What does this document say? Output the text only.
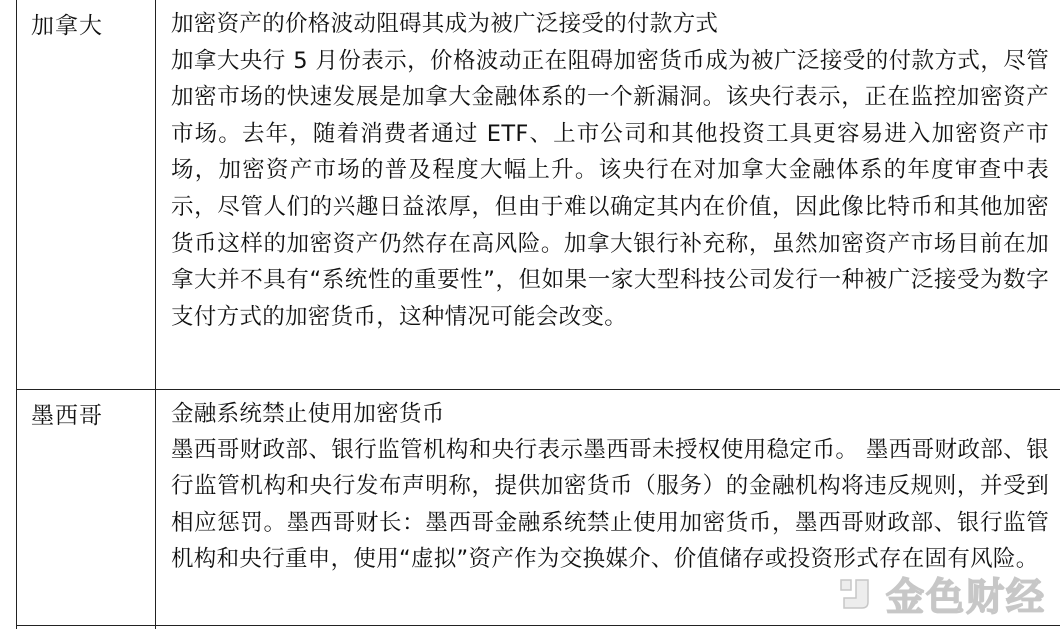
加拿大	加密资产的价格波动阻碍其成为被广泛接受的付款方式

加拿大央行 5 月份表示，价格波动正在阻碍加密货币成为被广泛接受的付款方式，尽管加密市场的快速发展是加拿大金融体系的一个新漏洞。该央行表示，正在监控加密资产市场。去年，随着消费者通过 ETF、上市公司和其他投资工具更容易进入加密资产市场，加密资产市场的普及程度大幅上升。该央行在对加拿大金融体系的年度审查中表示，尽管人们的兴趣日益浓厚，但由于难以确定其内在价值，因此像比特币和其他加密货币这样的加密资产仍然存在高风险。加拿大银行补充称，虽然加密资产市场目前在加拿大并不具有“系统性的重要性”，但如果一家大型科技公司发行一种被广泛接受为数字支付方式的加密货币，这种情况可能会改变。

墨西哥	金融系统禁止使用加密货币

墨西哥财政部、银行监管机构和央行表示墨西哥未授权使用稳定币。 墨西哥财政部、银行监管机构和央行发布声明称，提供加密货币（服务）的金融机构将违反规则，并受到相应惩罚。墨西哥财长：墨西哥金融系统禁止使用加密货币，墨西哥财政部、银行监管机构和央行重申，使用“虚拟”资产作为交换媒介、价值储存或投资形式存在固有风险。

金色财经
